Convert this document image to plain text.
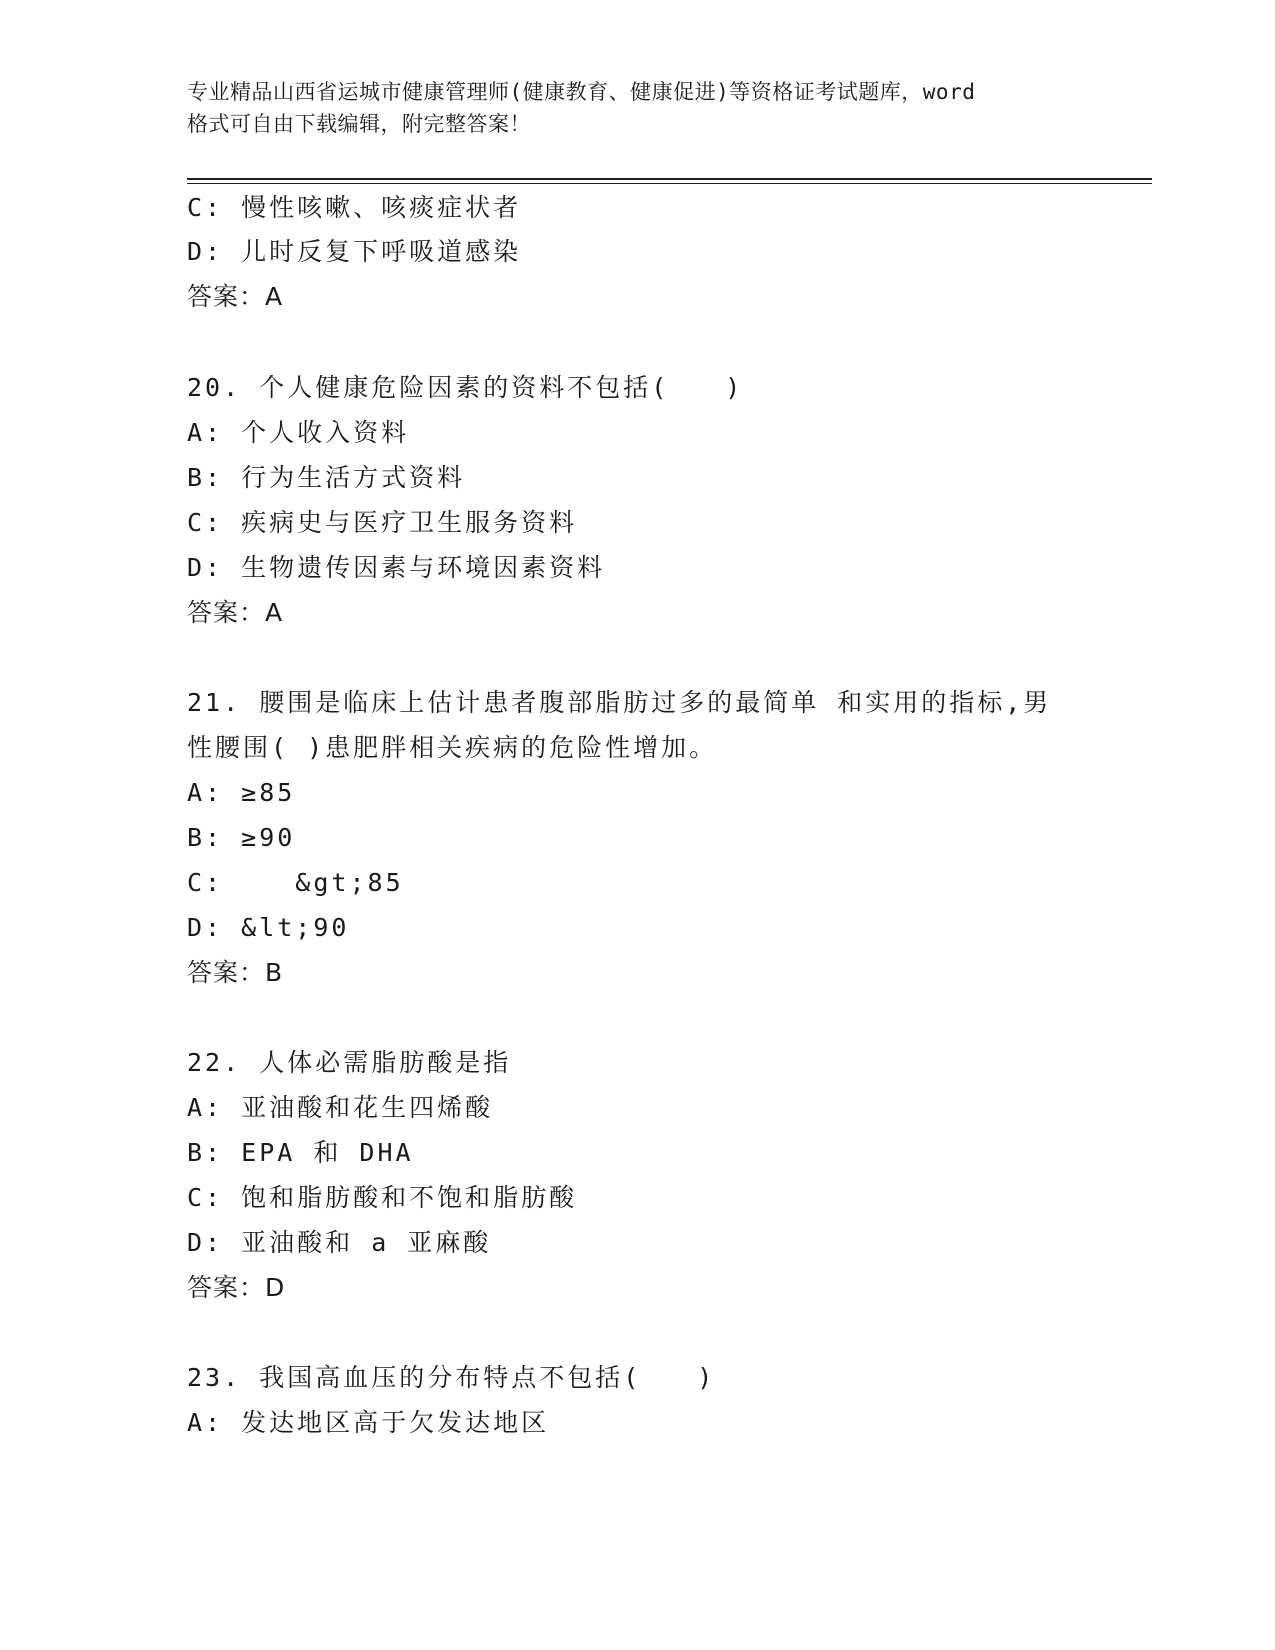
专业精品山西省运城市健康管理师(健康教育、健康促进)等资格证考试题库，word
格式可自由下载编辑，附完整答案！
C: 慢性咳嗽、咳痰症状者
D: 儿时反复下呼吸道感染
答案：A
20. 个人健康危险因素的资料不包括(　　)
A: 个人收入资料
B: 行为生活方式资料
C: 疾病史与医疗卫生服务资料
D: 生物遗传因素与环境因素资料
答案：A
21. 腰围是临床上估计患者腹部脂肪过多的最简单 和实用的指标,男
性腰围( )患肥胖相关疾病的危险性增加。
A: ≥85
B: ≥90
C:    &gt;85
D: &lt;90
答案：B
22. 人体必需脂肪酸是指
A: 亚油酸和花生四烯酸
B: EPA 和 DHA
C: 饱和脂肪酸和不饱和脂肪酸
D: 亚油酸和 a 亚麻酸
答案：D
23. 我国高血压的分布特点不包括(　　)
A: 发达地区高于欠发达地区
